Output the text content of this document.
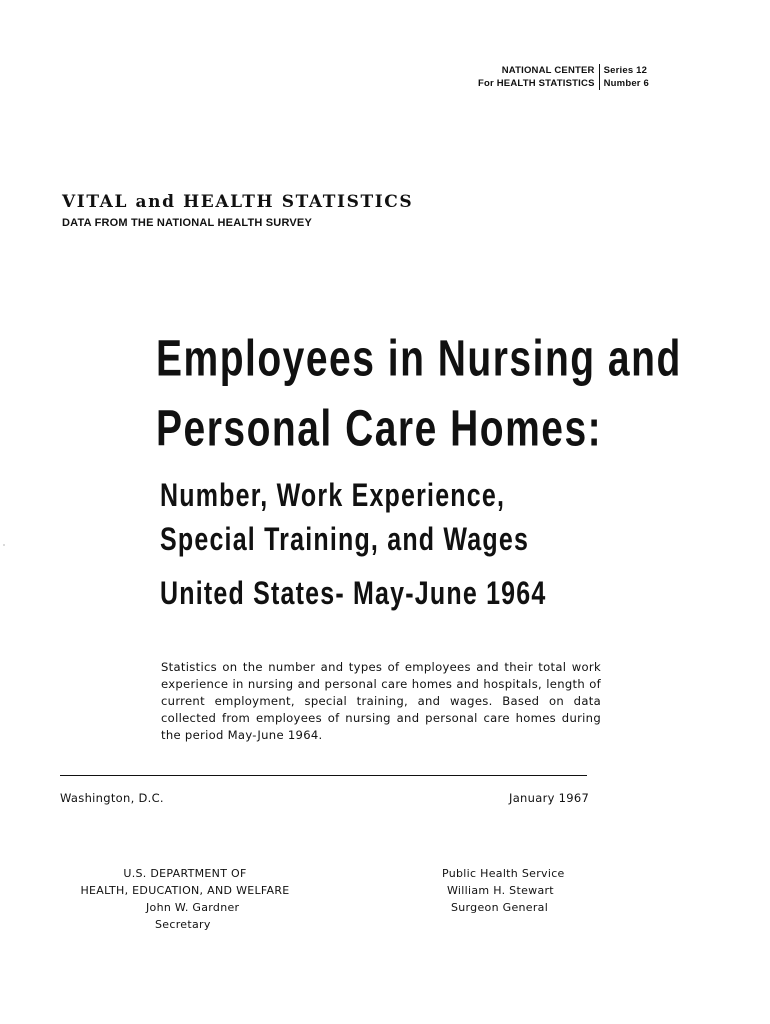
NATIONAL CENTER
For HEALTH STATISTICS
Series 12
Number 6
VITAL and HEALTH STATISTICS
DATA FROM THE NATIONAL HEALTH SURVEY
Employees in Nursing and
Personal Care Homes:
Number, Work Experience,
Special Training, and Wages
United States- May-June 1964
Statistics on the number and types of employees and their total work experience in nursing and personal care homes and hospitals, length of current employment, special training, and wages. Based on data collected from employees of nursing and personal care homes during the period May-June 1964.
Washington, D.C.	January 1967
U.S. DEPARTMENT OF
HEALTH, EDUCATION, AND WELFARE
John W. Gardner
Secretary
Public Health Service
William H. Stewart
Surgeon General
